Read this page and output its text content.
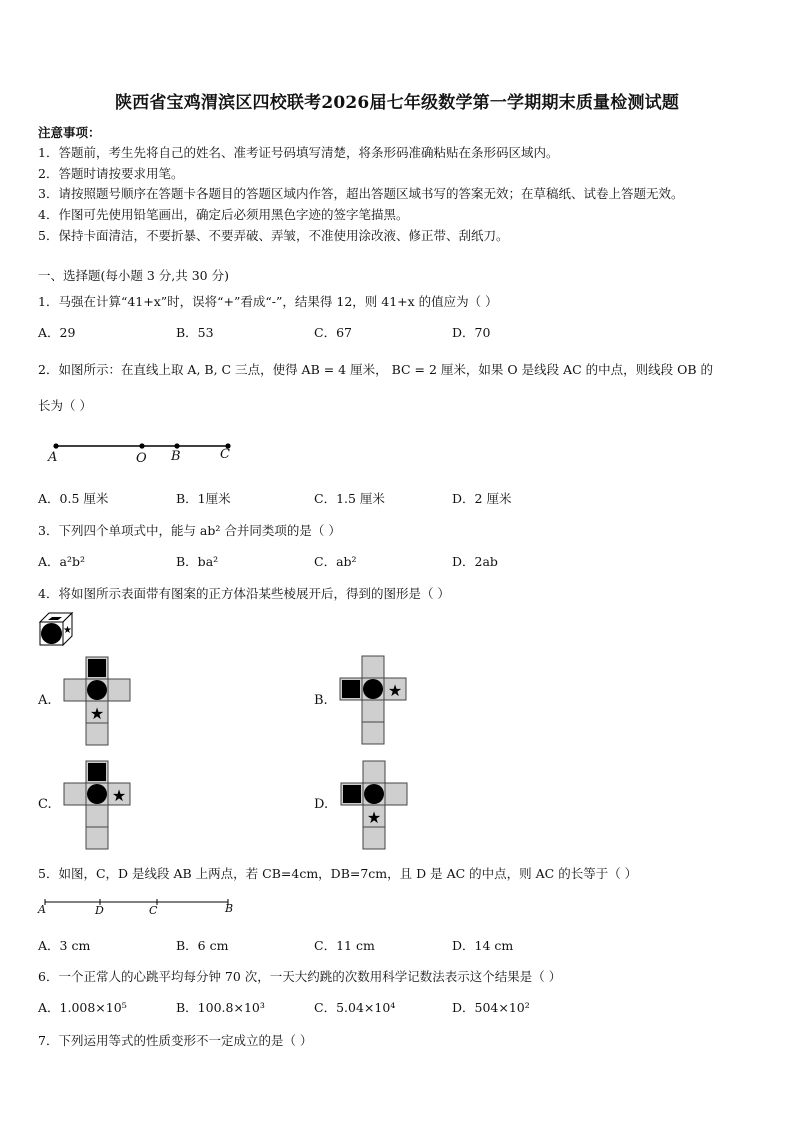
陕西省宝鸡渭滨区四校联考2026届七年级数学第一学期期末质量检测试题
注意事项：
1．答题前，考生先将自己的姓名、准考证号码填写清楚，将条形码准确粘贴在条形码区域内。
2．答题时请按要求用笔。
3．请按照题号顺序在答题卡各题目的答题区域内作答，超出答题区域书写的答案无效；在草稿纸、试卷上答题无效。
4．作图可先使用铅笔画出，确定后必须用黑色字迹的签字笔描黑。
5．保持卡面清洁，不要折暴、不要弄破、弄皱，不准使用涂改液、修正带、刮纸刀。
一、选择题(每小题 3 分,共 30 分)
1．马强在计算“41+x”时，误将“+”看成“-”，结果得 12，则 41+x 的值应为（ ）
A．29	B．53	C．67	D．70
2．如图所示：在直线上取 A, B, C 三点，使得 AB = 4 厘米， BC = 2 厘米，如果 O 是线段 AC 的中点，则线段 OB 的
长为（ ）
A	O B	C
A．0.5 厘米	B．1厘米	C．1.5 厘米	D．2 厘米
3．下列四个单项式中，能与 ab² 合并同类项的是（ ）
A．a²b²	B．ba²	C．ab²	D．2ab
4．将如图所示表面带有图案的正方体沿某些棱展开后，得到的图形是（ ）
★
A.
★
B.
★
C.	★	D.
★
5．如图，C，D 是线段 AB 上两点，若 CB=4cm，DB=7cm，且 D 是 AC 的中点，则 AC 的长等于（ ）
A	D	C	B
A．3 cm	B．6 cm	C．11 cm	D．14 cm
6．一个正常人的心跳平均每分钟 70 次，一天大约跳的次数用科学记数法表示这个结果是（ ）
A．1.008×10⁵	B．100.8×10³	C．5.04×10⁴	D．504×10²
7．下列运用等式的性质变形不一定成立的是（ ）
